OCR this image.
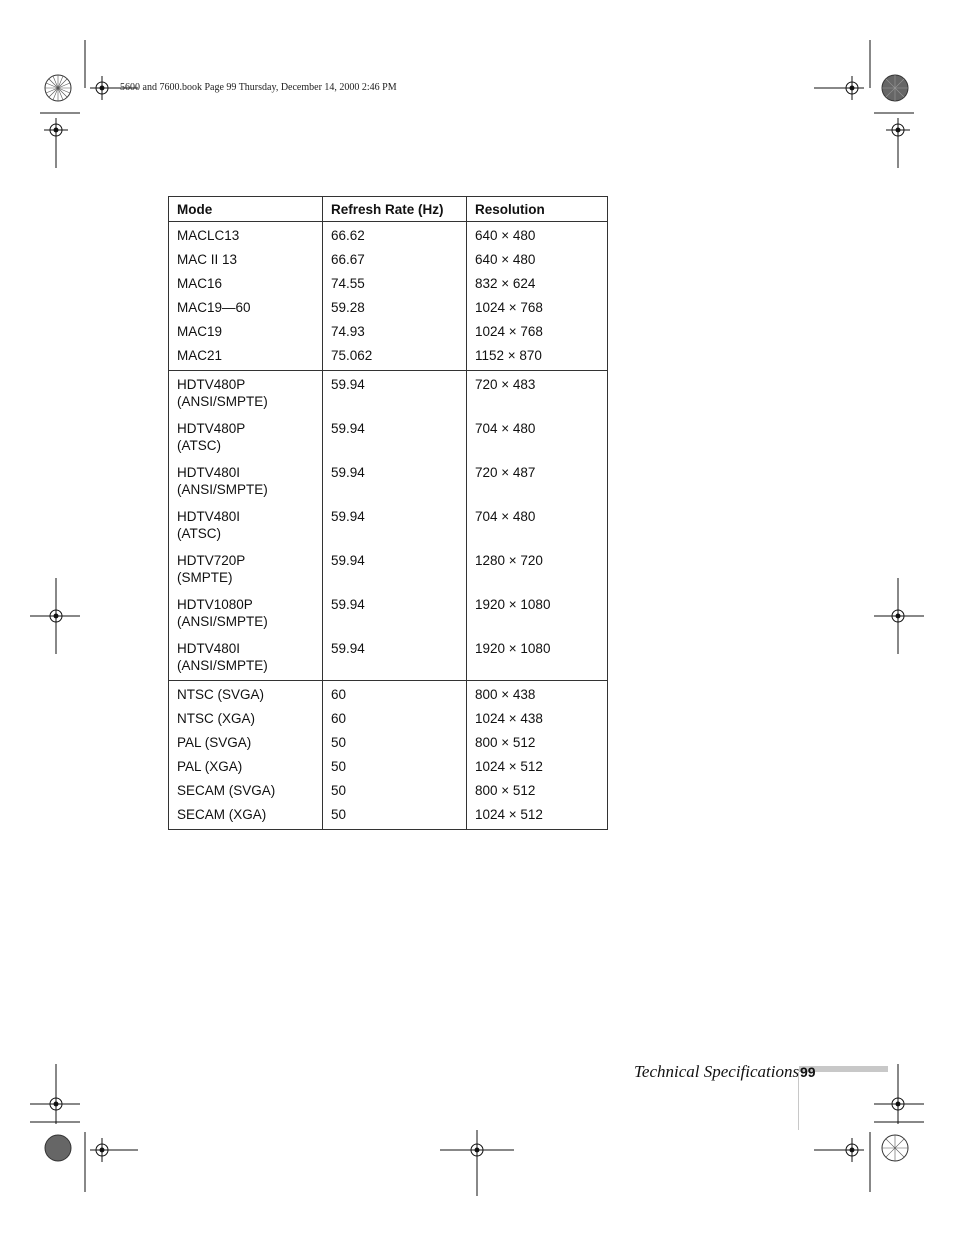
5600 and 7600.book Page 99 Thursday, December 14, 2000 2:46 PM
Mode	Refresh Rate (Hz)	Resolution
MACLC13	66.62	640 × 480
MAC II 13	66.67	640 × 480
MAC16	74.55	832 × 624
MAC19—60	59.28	1024 × 768
MAC19	74.93	1024 × 768
MAC21	75.062	1152 × 870
HDTV480P
(ANSI/SMPTE)	59.94	720 × 483
HDTV480P
(ATSC)	59.94	704 × 480
HDTV480I
(ANSI/SMPTE)	59.94	720 × 487
HDTV480I
(ATSC)	59.94	704 × 480
HDTV720P
(SMPTE)	59.94	1280 × 720
HDTV1080P
(ANSI/SMPTE)	59.94	1920 × 1080
HDTV480I
(ANSI/SMPTE)	59.94	1920 × 1080
NTSC (SVGA)	60	800 × 438
NTSC (XGA)	60	1024 × 438
PAL (SVGA)	50	800 × 512
PAL (XGA)	50	1024 × 512
SECAM (SVGA)	50	800 × 512
SECAM (XGA)	50	1024 × 512
Technical Specifications 99
